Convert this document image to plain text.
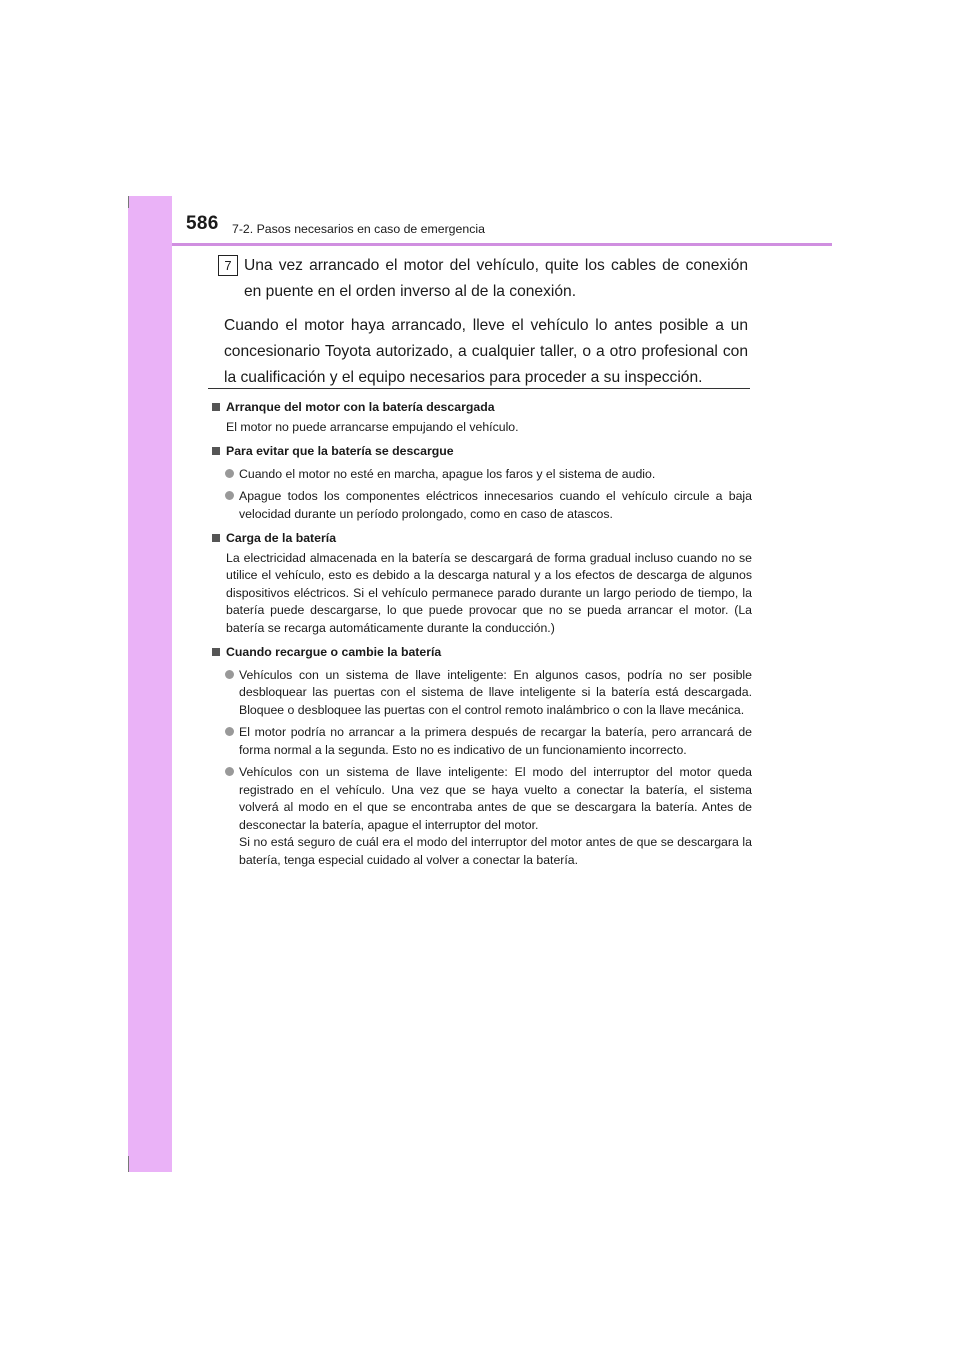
586 7-2. Pasos necesarios en caso de emergencia
7 Una vez arrancado el motor del vehículo, quite los cables de conexión en puente en el orden inverso al de la conexión.
Cuando el motor haya arrancado, lleve el vehículo lo antes posible a un concesionario Toyota autorizado, a cualquier taller, o a otro profesional con la cualificación y el equipo necesarios para proceder a su inspección.
Arranque del motor con la batería descargada
El motor no puede arrancarse empujando el vehículo.
Para evitar que la batería se descargue
Cuando el motor no esté en marcha, apague los faros y el sistema de audio.
Apague todos los componentes eléctricos innecesarios cuando el vehículo circule a baja velocidad durante un período prolongado, como en caso de atascos.
Carga de la batería
La electricidad almacenada en la batería se descargará de forma gradual incluso cuando no se utilice el vehículo, esto es debido a la descarga natural y a los efectos de descarga de algunos dispositivos eléctricos. Si el vehículo permanece parado durante un largo periodo de tiempo, la batería puede descargarse, lo que puede provocar que no se pueda arrancar el motor. (La batería se recarga automáticamente durante la conducción.)
Cuando recargue o cambie la batería
Vehículos con un sistema de llave inteligente: En algunos casos, podría no ser posible desbloquear las puertas con el sistema de llave inteligente si la batería está descargada. Bloquee o desbloquee las puertas con el control remoto inalámbrico o con la llave mecánica.
El motor podría no arrancar a la primera después de recargar la batería, pero arrancará de forma normal a la segunda. Esto no es indicativo de un funcionamiento incorrecto.
Vehículos con un sistema de llave inteligente: El modo del interruptor del motor queda registrado en el vehículo. Una vez que se haya vuelto a conectar la batería, el sistema volverá al modo en el que se encontraba antes de que se descargara la batería. Antes de desconectar la batería, apague el interruptor del motor.
Si no está seguro de cuál era el modo del interruptor del motor antes de que se descargara la batería, tenga especial cuidado al volver a conectar la batería.
